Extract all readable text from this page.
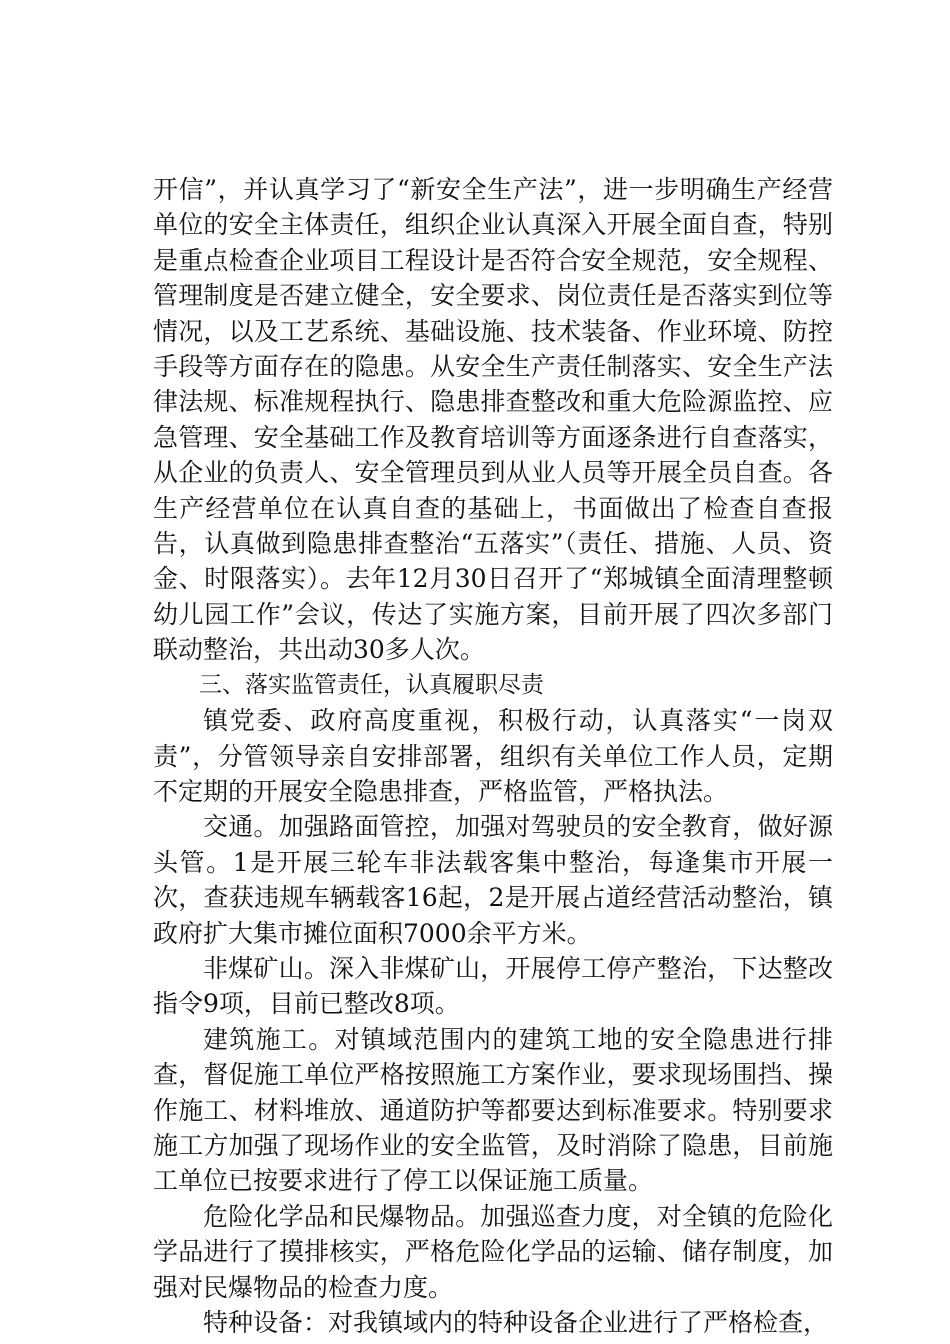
开信”，并认真学习了“新安全生产法”，进一步明确生产经营单位的安全主体责任，组织企业认真深入开展全面自查，特别是重点检查企业项目工程设计是否符合安全规范，安全规程、管理制度是否建立健全，安全要求、岗位责任是否落实到位等情况，以及工艺系统、基础设施、技术装备、作业环境、防控手段等方面存在的隐患。从安全生产责任制落实、安全生产法律法规、标准规程执行、隐患排查整改和重大危险源监控、应急管理、安全基础工作及教育培训等方面逐条进行自查落实，从企业的负责人、安全管理员到从业人员等开展全员自查。各生产经营单位在认真自查的基础上，书面做出了检查自查报告，认真做到隐患排查整治“五落实”（责任、措施、人员、资金、时限落实）。去年12月30日召开了“郑城镇全面清理整顿幼儿园工作”会议，传达了实施方案，目前开展了四次多部门联动整治，共出动30多人次。

三、落实监管责任，认真履职尽责

镇党委、政府高度重视，积极行动，认真落实“一岗双责”，分管领导亲自安排部署，组织有关单位工作人员，定期不定期的开展安全隐患排查，严格监管，严格执法。

交通。加强路面管控，加强对驾驶员的安全教育，做好源头管。1是开展三轮车非法载客集中整治，每逢集市开展一次，查获违规车辆载客16起，2是开展占道经营活动整治，镇政府扩大集市摊位面积7000余平方米。

非煤矿山。深入非煤矿山，开展停工停产整治，下达整改指令9项，目前已整改8项。

建筑施工。对镇域范围内的建筑工地的安全隐患进行排查，督促施工单位严格按照施工方案作业，要求现场围挡、操作施工、材料堆放、通道防护等都要达到标准要求。特别要求施工方加强了现场作业的安全监管，及时消除了隐患，目前施工单位已按要求进行了停工以保证施工质量。

危险化学品和民爆物品。加强巡查力度，对全镇的危险化学品进行了摸排核实，严格危险化学品的运输、储存制度，加强对民爆物品的检查力度。

特种设备：对我镇域内的特种设备企业进行了严格检查，
